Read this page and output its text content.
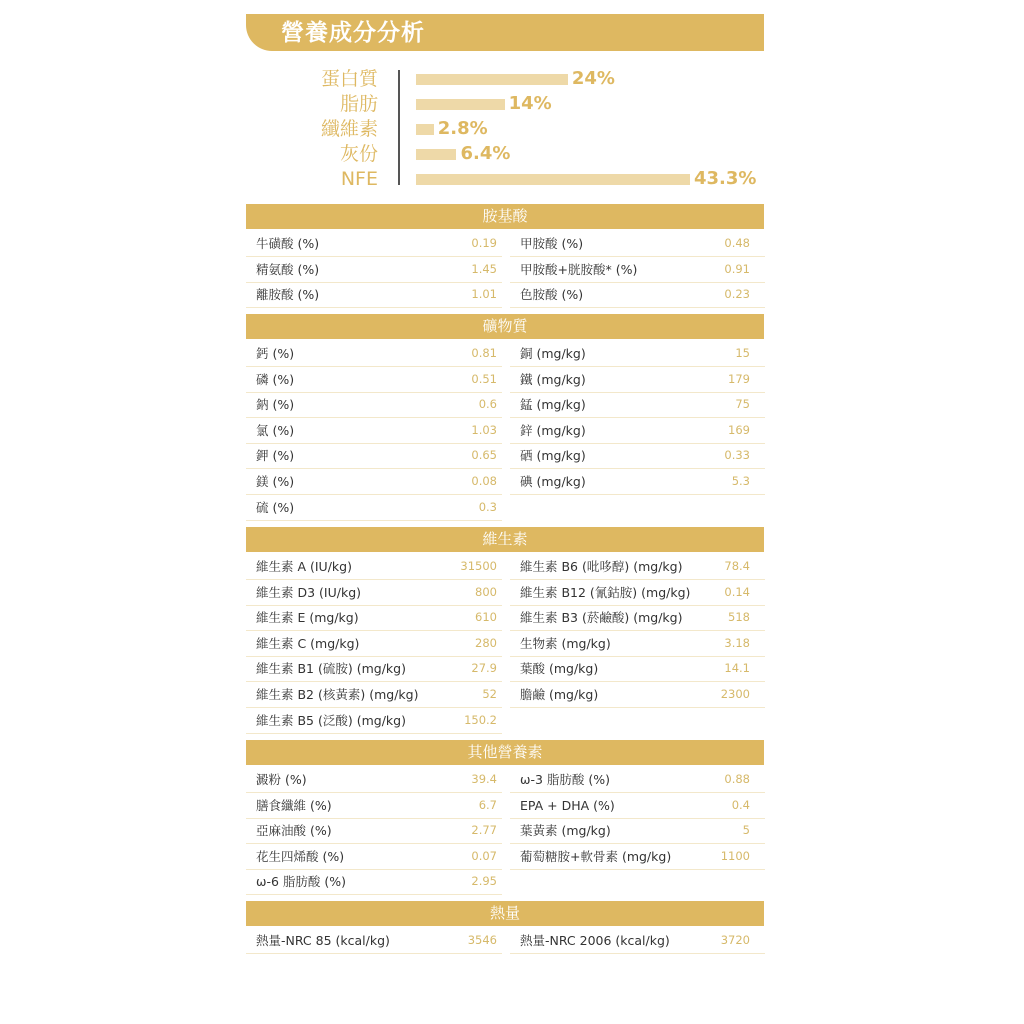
營養成分分析
蛋白質	24%
脂肪	14%
纖維素	2.8%
灰份	6.4%
NFE	43.3%
胺基酸
牛磺酸 (%)	0.19 甲胺酸 (%)	0.48
精氨酸 (%)	1.45 甲胺酸+胱胺酸* (%)	0.91
離胺酸 (%)	1.01 色胺酸 (%)	0.23
礦物質
鈣 (%)	0.81 銅 (mg/kg)	15
磷 (%)	0.51 鐵 (mg/kg)	179
鈉 (%)	0.6 錳 (mg/kg)	75
氯 (%)	1.03 鋅 (mg/kg)	169
鉀 (%)	0.65 硒 (mg/kg)	0.33
鎂 (%)	0.08 碘 (mg/kg)	5.3
硫 (%)	0.3
維生素
維生素 A (IU/kg)	31500 維生素 B6 (吡哆醇) (mg/kg)	78.4
維生素 D3 (IU/kg)	800 維生素 B12 (氰鈷胺) (mg/kg)	0.14
維生素 E (mg/kg)	610 維生素 B3 (菸鹼酸) (mg/kg)	518
維生素 C (mg/kg)	280 生物素 (mg/kg)	3.18
維生素 B1 (硫胺) (mg/kg)	27.9 葉酸 (mg/kg)	14.1
維生素 B2 (核黃素) (mg/kg)	52 膽鹼 (mg/kg)	2300
維生素 B5 (泛酸) (mg/kg)	150.2
其他營養素
澱粉 (%)	39.4 ω-3 脂肪酸 (%)	0.88
膳食纖維 (%)	6.7 EPA + DHA (%)	0.4
亞麻油酸 (%)	2.77 葉黃素 (mg/kg)	5
花生四烯酸 (%)	0.07 葡萄糖胺+軟骨素 (mg/kg)	1100
ω-6 脂肪酸 (%)	2.95
熱量
熱量-NRC 85 (kcal/kg)	3546 熱量-NRC 2006 (kcal/kg)	3720
